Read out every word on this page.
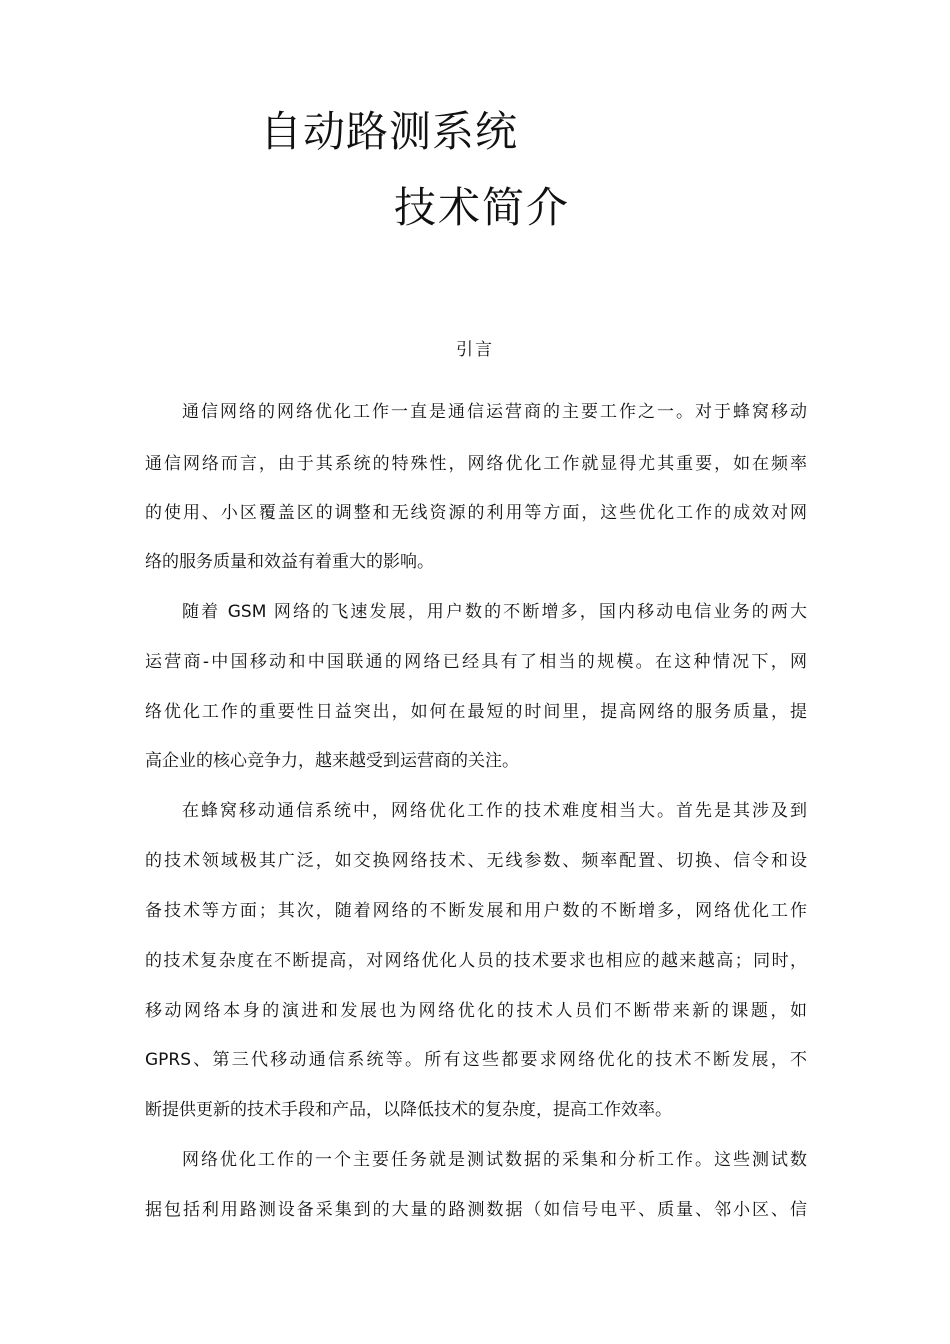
自动路测系统
技术简介
引言
通信网络的网络优化工作一直是通信运营商的主要工作之一。对于蜂窝移动
通信网络而言，由于其系统的特殊性，网络优化工作就显得尤其重要，如在频率
的使用、小区覆盖区的调整和无线资源的利用等方面，这些优化工作的成效对网
络的服务质量和效益有着重大的影响。
随着 GSM 网络的飞速发展，用户数的不断增多，国内移动电信业务的两大
运营商-中国移动和中国联通的网络已经具有了相当的规模。在这种情况下，网
络优化工作的重要性日益突出，如何在最短的时间里，提高网络的服务质量，提
高企业的核心竞争力，越来越受到运营商的关注。
在蜂窝移动通信系统中，网络优化工作的技术难度相当大。首先是其涉及到
的技术领域极其广泛，如交换网络技术、无线参数、频率配置、切换、信令和设
备技术等方面；其次，随着网络的不断发展和用户数的不断增多，网络优化工作
的技术复杂度在不断提高，对网络优化人员的技术要求也相应的越来越高；同时，
移动网络本身的演进和发展也为网络优化的技术人员们不断带来新的课题，如
GPRS、第三代移动通信系统等。所有这些都要求网络优化的技术不断发展，不
断提供更新的技术手段和产品，以降低技术的复杂度，提高工作效率。
网络优化工作的一个主要任务就是测试数据的采集和分析工作。这些测试数
据包括利用路测设备采集到的大量的路测数据（如信号电平、质量、邻小区、信
